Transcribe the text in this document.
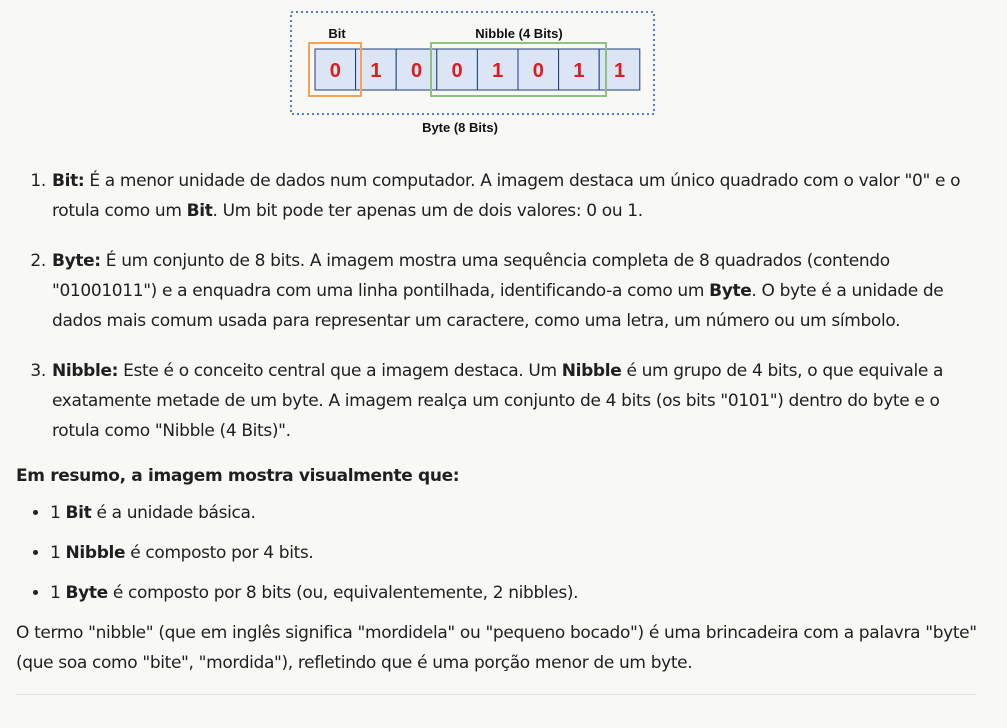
0 1 0 0 1 0 1 1
Bit	Nibble (4 Bits)
Byte (8 Bits)
1. Bit: É a menor unidade de dados num computador. A imagem destaca um único quadrado com o valor "0" e o rotula como um Bit. Um bit pode ter apenas um de dois valores: 0 ou 1.
2. Byte: É um conjunto de 8 bits. A imagem mostra uma sequência completa de 8 quadrados (contendo "01001011") e a enquadra com uma linha pontilhada, identificando-a como um Byte. O byte é a unidade de dados mais comum usada para representar um caractere, como uma letra, um número ou um símbolo.
3. Nibble: Este é o conceito central que a imagem destaca. Um Nibble é um grupo de 4 bits, o que equivale a exatamente metade de um byte. A imagem realça um conjunto de 4 bits (os bits "0101") dentro do byte e o rotula como "Nibble (4 Bits)".

Em resumo, a imagem mostra visualmente que:

• 1 Bit é a unidade básica.
• 1 Nibble é composto por 4 bits.
• 1 Byte é composto por 8 bits (ou, equivalentemente, 2 nibbles).

O termo "nibble" (que em inglês significa "mordidela" ou "pequeno bocado") é uma brincadeira com a palavra "byte" (que soa como "bite", "mordida"), refletindo que é uma porção menor de um byte.
